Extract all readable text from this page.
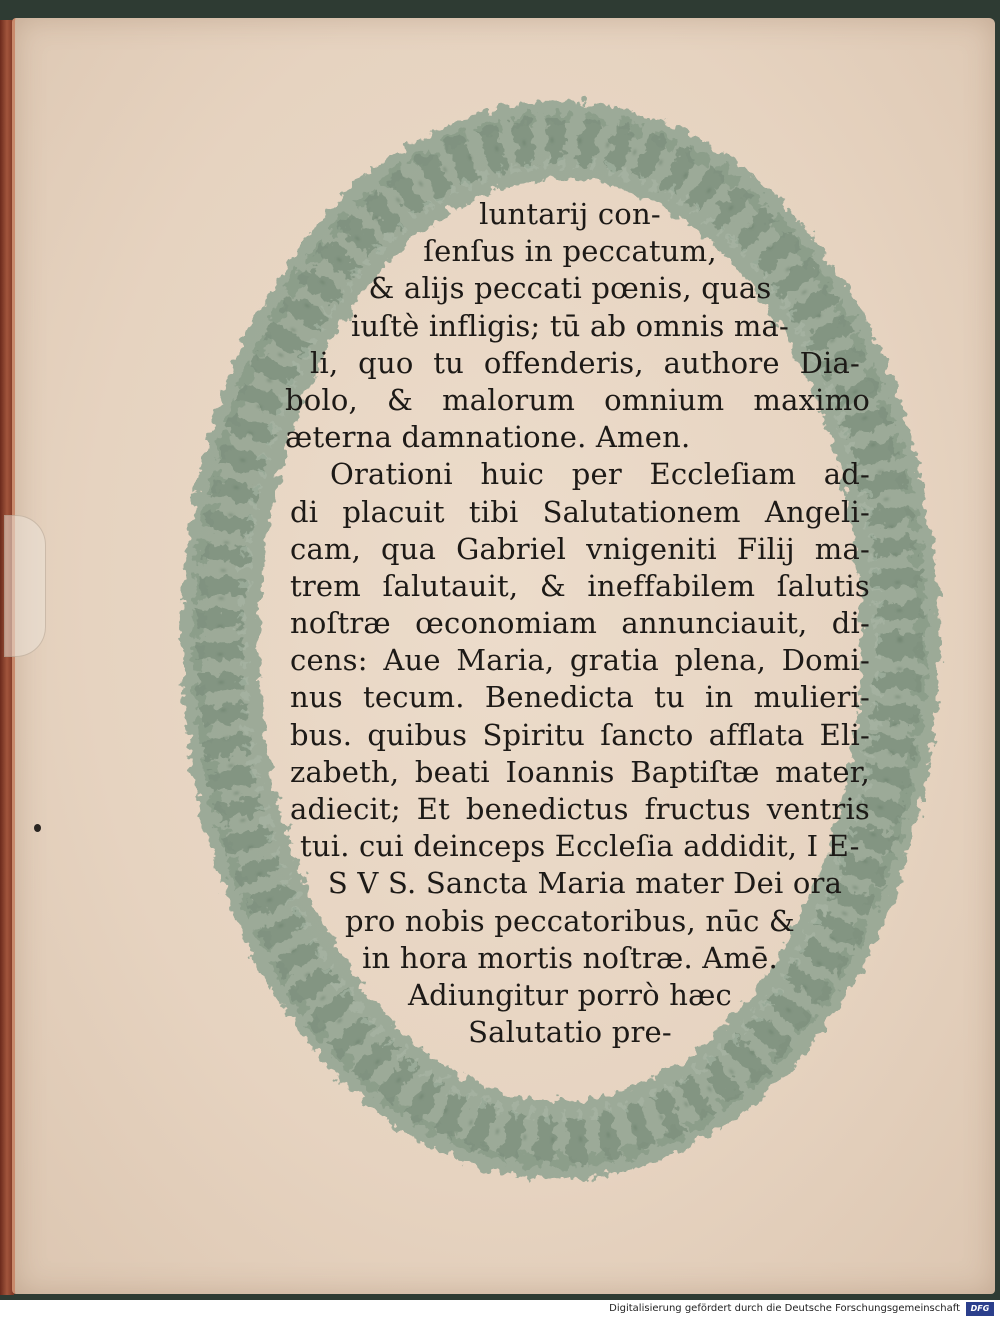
luntarij con-
ſenſus in peccatum,
& alijs peccati pœnis, quas
iuſtè infligis; tū ab omnis ma-
li, quo tu offenderis, authore Dia-
bolo, & malorum omnium maximo
æterna damnatione. Amen.
Orationi huic per Eccleſiam ad-
di placuit tibi Salutationem Angeli-
cam, qua Gabriel vnigeniti Filij ma-
trem ſalutauit, & ineffabilem ſalutis
noſtræ œconomiam annunciauit, di-
cens: Aue Maria, gratia plena, Domi-
nus tecum. Benedicta tu in mulieri-
bus. quibus Spiritu ſancto afflata Eli-
zabeth, beati Ioannis Baptiſtæ mater,
adiecit; Et benedictus fructus ventris
tui. cui deinceps Eccleſia addidit, I E-
S V S. Sancta Maria mater Dei ora
pro nobis peccatoribus, nūc &
in hora mortis noſtræ. Amē.
Adiungitur porrò hæc
Salutatio pre-
Digitalisierung gefördert durch die Deutsche Forschungsgemeinschaft	DFG
